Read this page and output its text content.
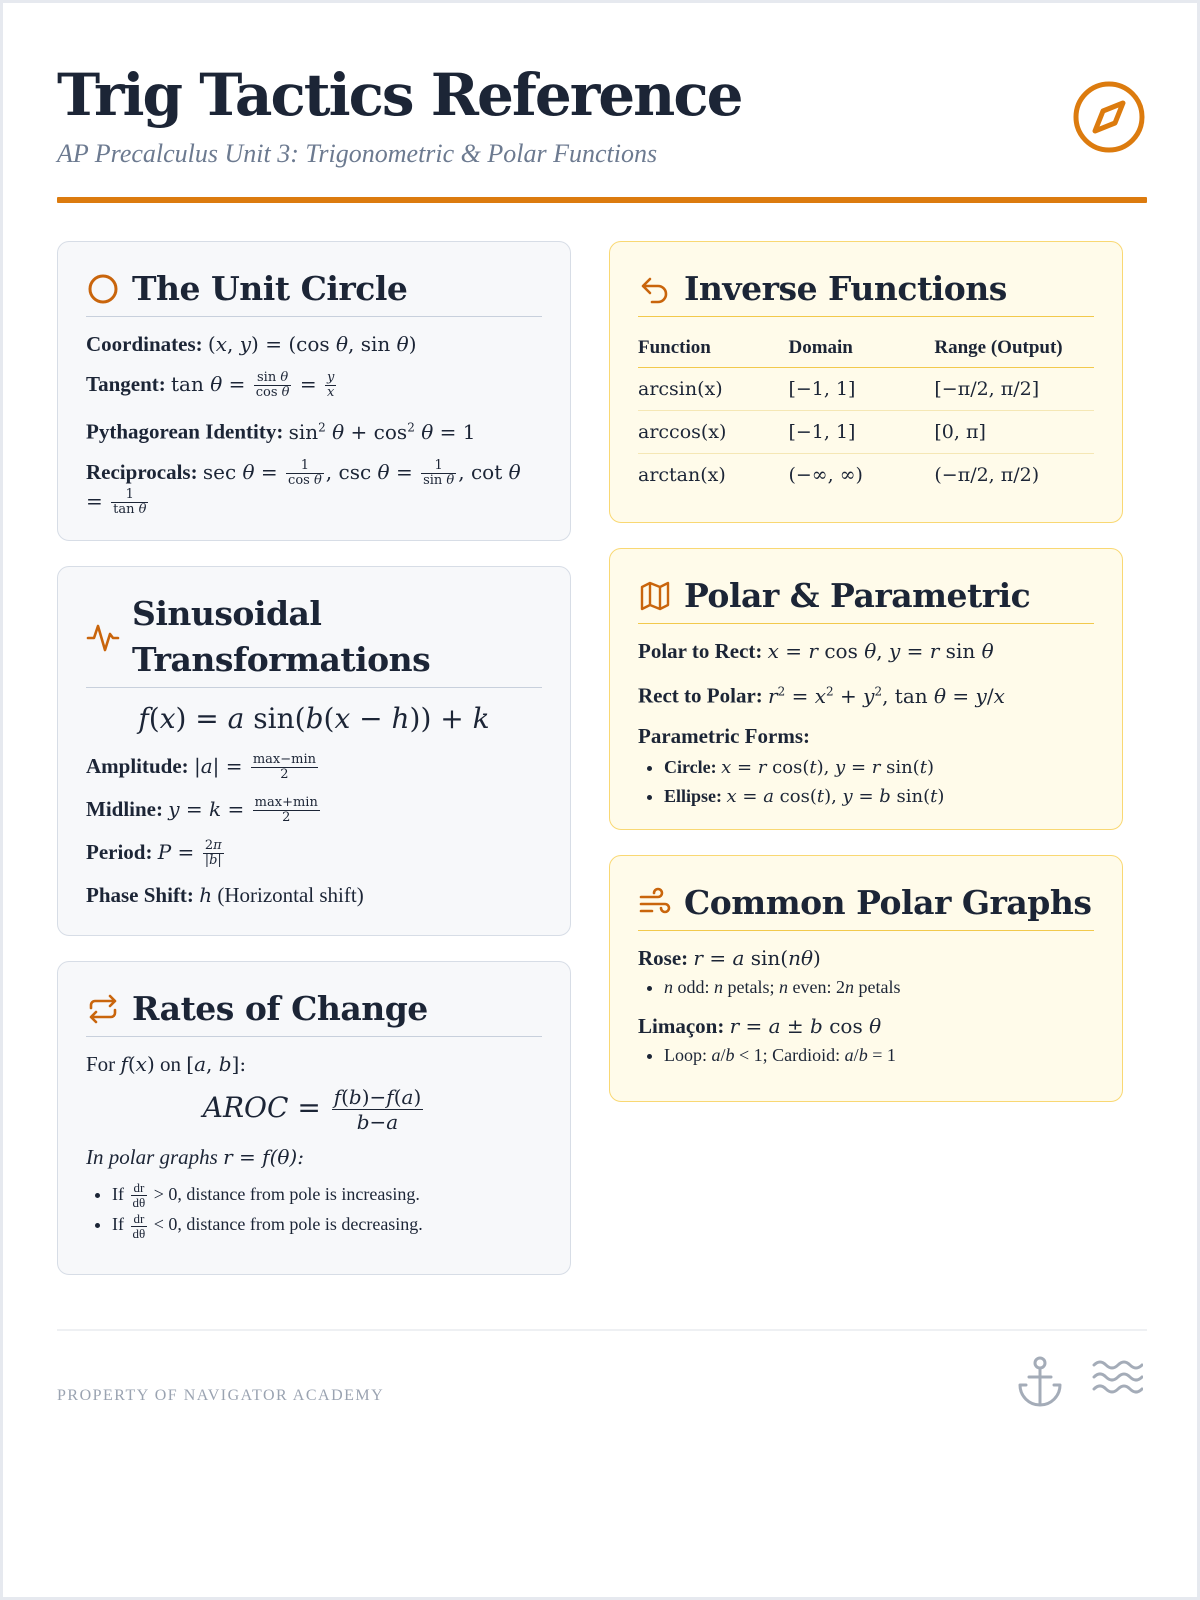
Trig Tactics Reference
AP Precalculus Unit 3: Trigonometric & Polar Functions
The Unit Circle
Coordinates: (x, y) = (cos θ, sin θ)
Tangent: $\tan \theta = \frac{\text{sin θ}}{\text{cos θ}} = \frac{y}{x}$
Pythagorean Identity: $\sin^2 \theta + \cos^2 \theta = 1$
Reciprocals: $\sec \theta = \frac{1}{\text{cos θ}}$ , $\csc \theta = \frac{1}{\text{sin θ}}$ , $\cot \theta = \frac{1}{\text{tan θ}}$
Sinusoidal Transformations
f(x) = a sin(b(x − h)) + k
Amplitude: $|a| = \frac{\max-\min}{2}$
Midline: $y = k = \frac{\max+\min}{2}$
Period: $P = \frac{2\pi}{|b|}$
Phase Shift: h (Horizontal shift)
Rates of Change
For f(x) on [a, b]:
AROC = $\frac{f(b)-f(a)}{b-a}$
In polar graphs r = f(θ):
• If $\frac{dr}{d\theta} > 0$, distance from pole is increasing.
• If $\frac{dr}{d\theta} < 0$, distance from pole is decreasing.
Inverse Functions
Function	Domain	Range (Output)
arcsin(x)	[−1, 1]	[−π/2, π/2]
arccos(x)	[−1, 1]	[0, π]
arctan(x)	(−∞, ∞)	(−π/2, π/2)
Polar & Parametric
Polar to Rect: x = r cos θ, y = r sin θ
Rect to Polar: $r^2 = x^2 + y^2$, tan θ = y/x
Parametric Forms:
• Circle: x = r cos(t), y = r sin(t)
• Ellipse: x = a cos(t), y = b sin(t)
Common Polar Graphs
Rose: r = a sin(nθ)
• n odd: n petals; n even: 2n petals
Limaçon: r = a ± b cos θ
• Loop: a/b < 1; Cardioid: a/b = 1
PROPERTY OF NAVIGATOR ACADEMY
